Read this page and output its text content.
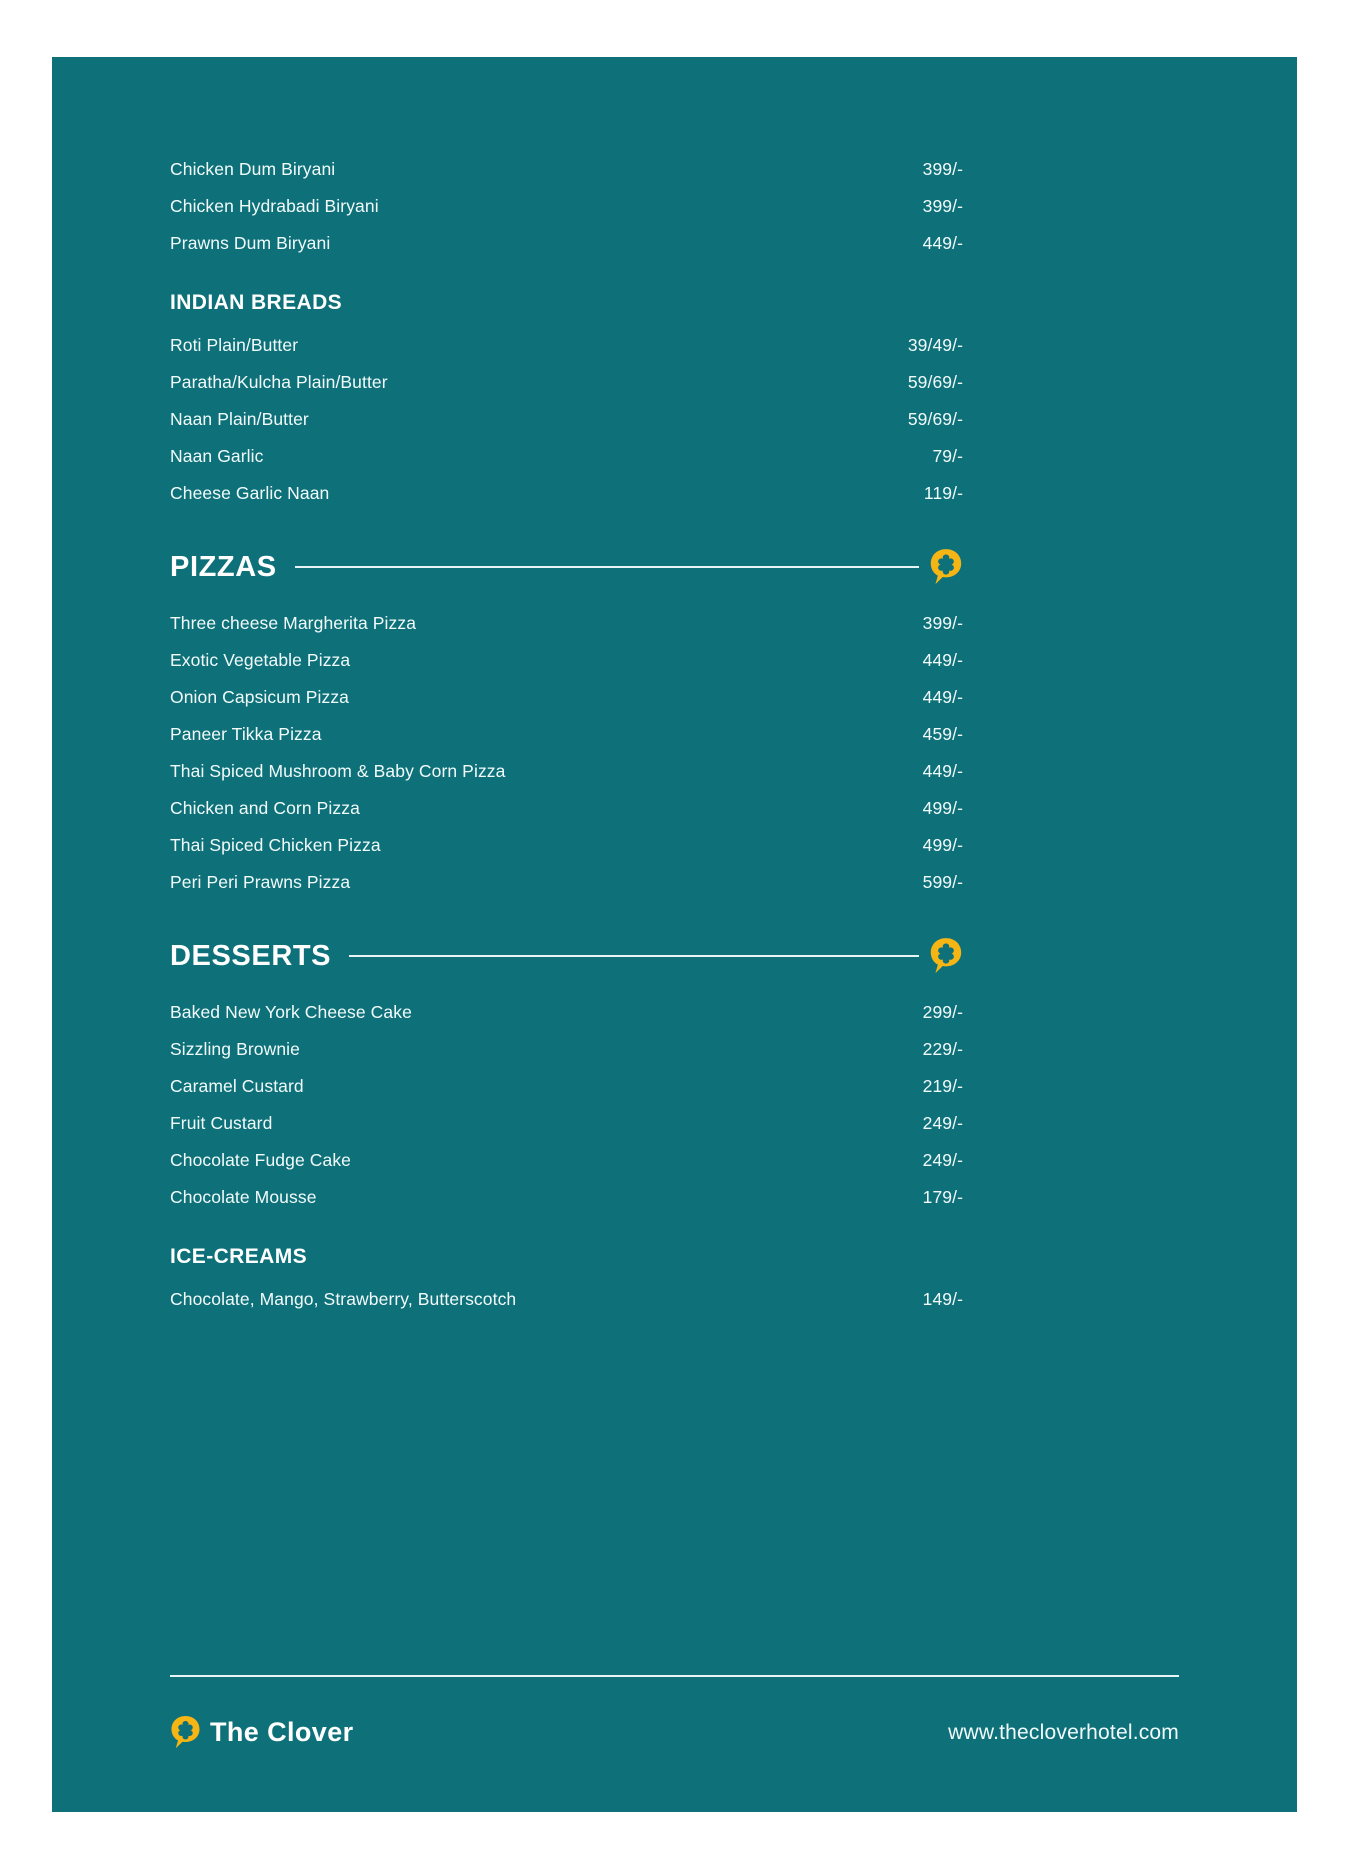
Chicken Dum Biryani	399/-
Chicken Hydrabadi Biryani	399/-
Prawns Dum Biryani	449/-
INDIAN BREADS
Roti Plain/Butter	39/49/-
Paratha/Kulcha Plain/Butter	59/69/-
Naan Plain/Butter	59/69/-
Naan Garlic	79/-
Cheese Garlic Naan	119/-
PIZZAS
Three cheese Margherita Pizza	399/-
Exotic Vegetable Pizza	449/-
Onion Capsicum Pizza	449/-
Paneer Tikka Pizza	459/-
Thai Spiced Mushroom & Baby Corn Pizza	449/-
Chicken and Corn Pizza	499/-
Thai Spiced Chicken Pizza	499/-
Peri Peri Prawns Pizza	599/-
DESSERTS
Baked New York Cheese Cake	299/-
Sizzling Brownie	229/-
Caramel Custard	219/-
Fruit Custard	249/-
Chocolate Fudge Cake	249/-
Chocolate Mousse	179/-
ICE-CREAMS
Chocolate, Mango, Strawberry, Butterscotch	149/-
The Clover	www.thecloverhotel.com
